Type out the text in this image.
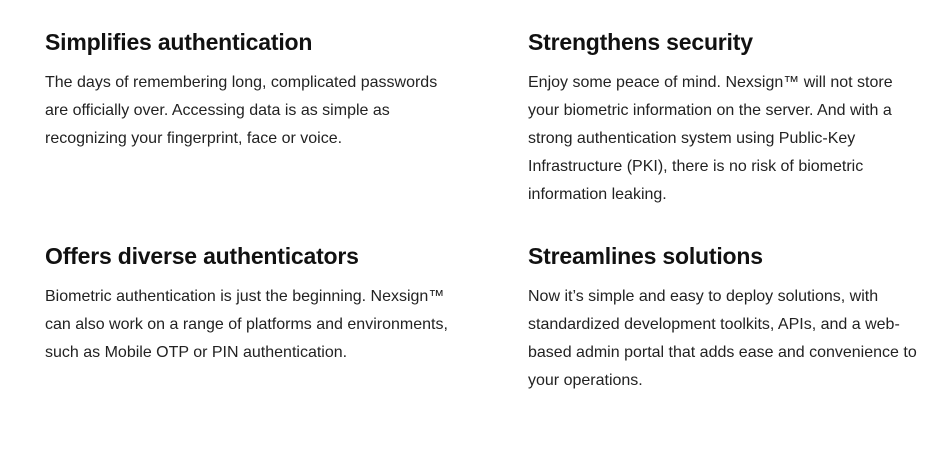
Simplifies authentication

The days of remembering long, complicated passwords are officially over. Accessing data is as simple as recognizing your fingerprint, face or voice.

Strengthens security

Enjoy some peace of mind. Nexsign™ will not store your biometric information on the server. And with a strong authentication system using Public-Key Infrastructure (PKI), there is no risk of biometric information leaking.

Offers diverse authenticators

Biometric authentication is just the beginning. Nexsign™ can also work on a range of platforms and environments, such as Mobile OTP or PIN authentication.

Streamlines solutions

Now it’s simple and easy to deploy solutions, with standardized development toolkits, APIs, and a web-based admin portal that adds ease and convenience to your operations.
